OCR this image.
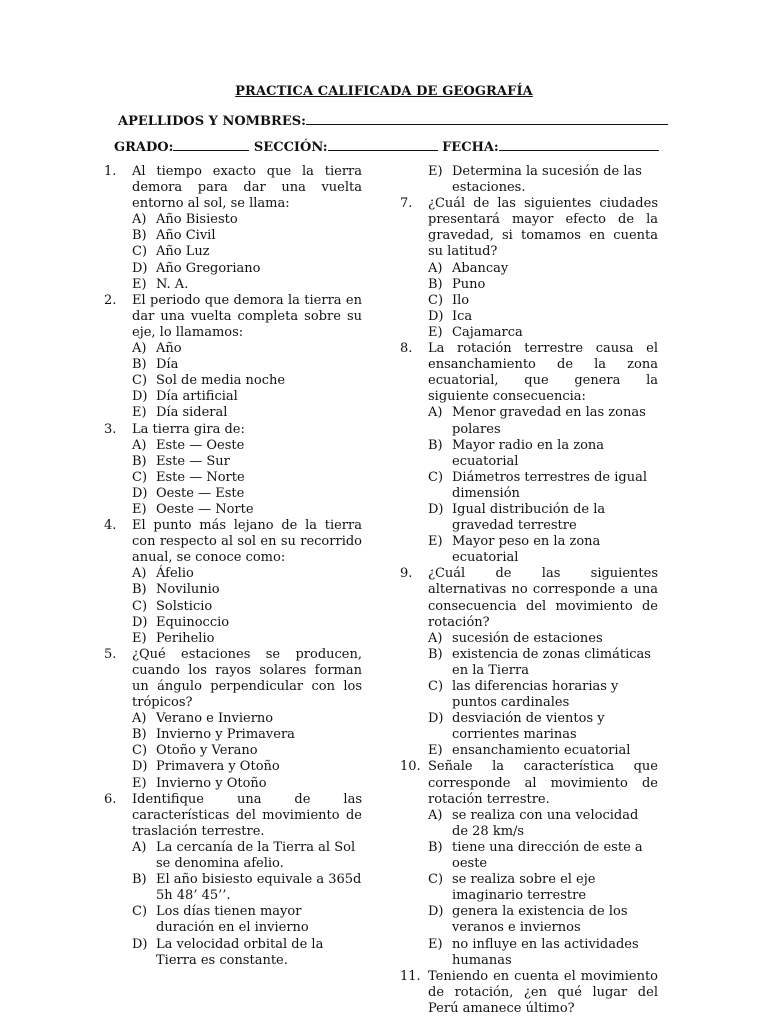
PRACTICA CALIFICADA DE GEOGRAFÍA
APELLIDOS Y NOMBRES:
GRADO:	SECCIÓN:	FECHA:
1. Al tiempo exacto que la tierra demora para dar una vuelta entorno al sol, se llama:
A) Año Bisiesto
B) Año Civil
C) Año Luz
D) Año Gregoriano
E) N. A.
2. El periodo que demora la tierra en dar una vuelta completa sobre su eje, lo llamamos:
A) Año
B) Día
C) Sol de media noche
D) Día artificial
E) Día sideral
3. La tierra gira de:
A) Este — Oeste
B) Este — Sur
C) Este — Norte
D) Oeste — Este
E) Oeste — Norte
4. El punto más lejano de la tierra con respecto al sol en su recorrido anual, se conoce como:
A) Áfelio
B) Novilunio
C) Solsticio
D) Equinoccio
E) Perihelio
5. ¿Qué estaciones se producen, cuando los rayos solares forman un ángulo perpendicular con los trópicos?
A) Verano e Invierno
B) Invierno y Primavera
C) Otoño y Verano
D) Primavera y Otoño
E) Invierno y Otoño
6. Identifique una de las características del movimiento de traslación terrestre.
A) La cercanía de la Tierra al Sol se denomina afelio.
B) El año bisiesto equivale a 365d 5h 48’ 45’’.
C) Los días tienen mayor duración en el invierno
D) La velocidad orbital de la Tierra es constante.
E) Determina la sucesión de las estaciones.
7. ¿Cuál de las siguientes ciudades presentará mayor efecto de la gravedad, si tomamos en cuenta su latitud?
A) Abancay
B) Puno
C) Ilo
D) Ica
E) Cajamarca
8. La rotación terrestre causa el ensanchamiento de la zona ecuatorial, que genera la siguiente consecuencia:
A) Menor gravedad en las zonas polares
B) Mayor radio en la zona ecuatorial
C) Diámetros terrestres de igual dimensión
D) Igual distribución de la gravedad terrestre
E) Mayor peso en la zona ecuatorial
9. ¿Cuál de las siguientes alternativas no corresponde a una consecuencia del movimiento de rotación?
A) sucesión de estaciones
B) existencia de zonas climáticas en la Tierra
C) las diferencias horarias y puntos cardinales
D) desviación de vientos y corrientes marinas
E) ensanchamiento ecuatorial
10. Señale la característica que corresponde al movimiento de rotación terrestre.
A) se realiza con una velocidad de 28 km/s
B) tiene una dirección de este a oeste
C) se realiza sobre el eje imaginario terrestre
D) genera la existencia de los veranos e inviernos
E) no influye en las actividades humanas
11. Teniendo en cuenta el movimiento de rotación, ¿en qué lugar del Perú amanece último?
